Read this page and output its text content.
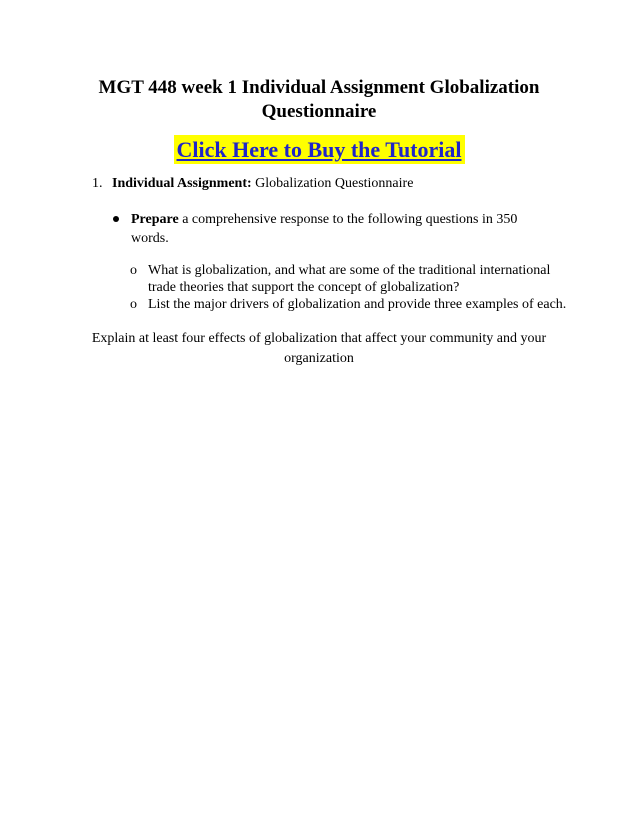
MGT 448 week 1 Individual Assignment Globalization Questionnaire
Click Here to Buy the Tutorial
1. Individual Assignment: Globalization Questionnaire
Prepare a comprehensive response to the following questions in 350 words.
o What is globalization, and what are some of the traditional international trade theories that support the concept of globalization?
o List the major drivers of globalization and provide three examples of each.
Explain at least four effects of globalization that affect your community and your organization
